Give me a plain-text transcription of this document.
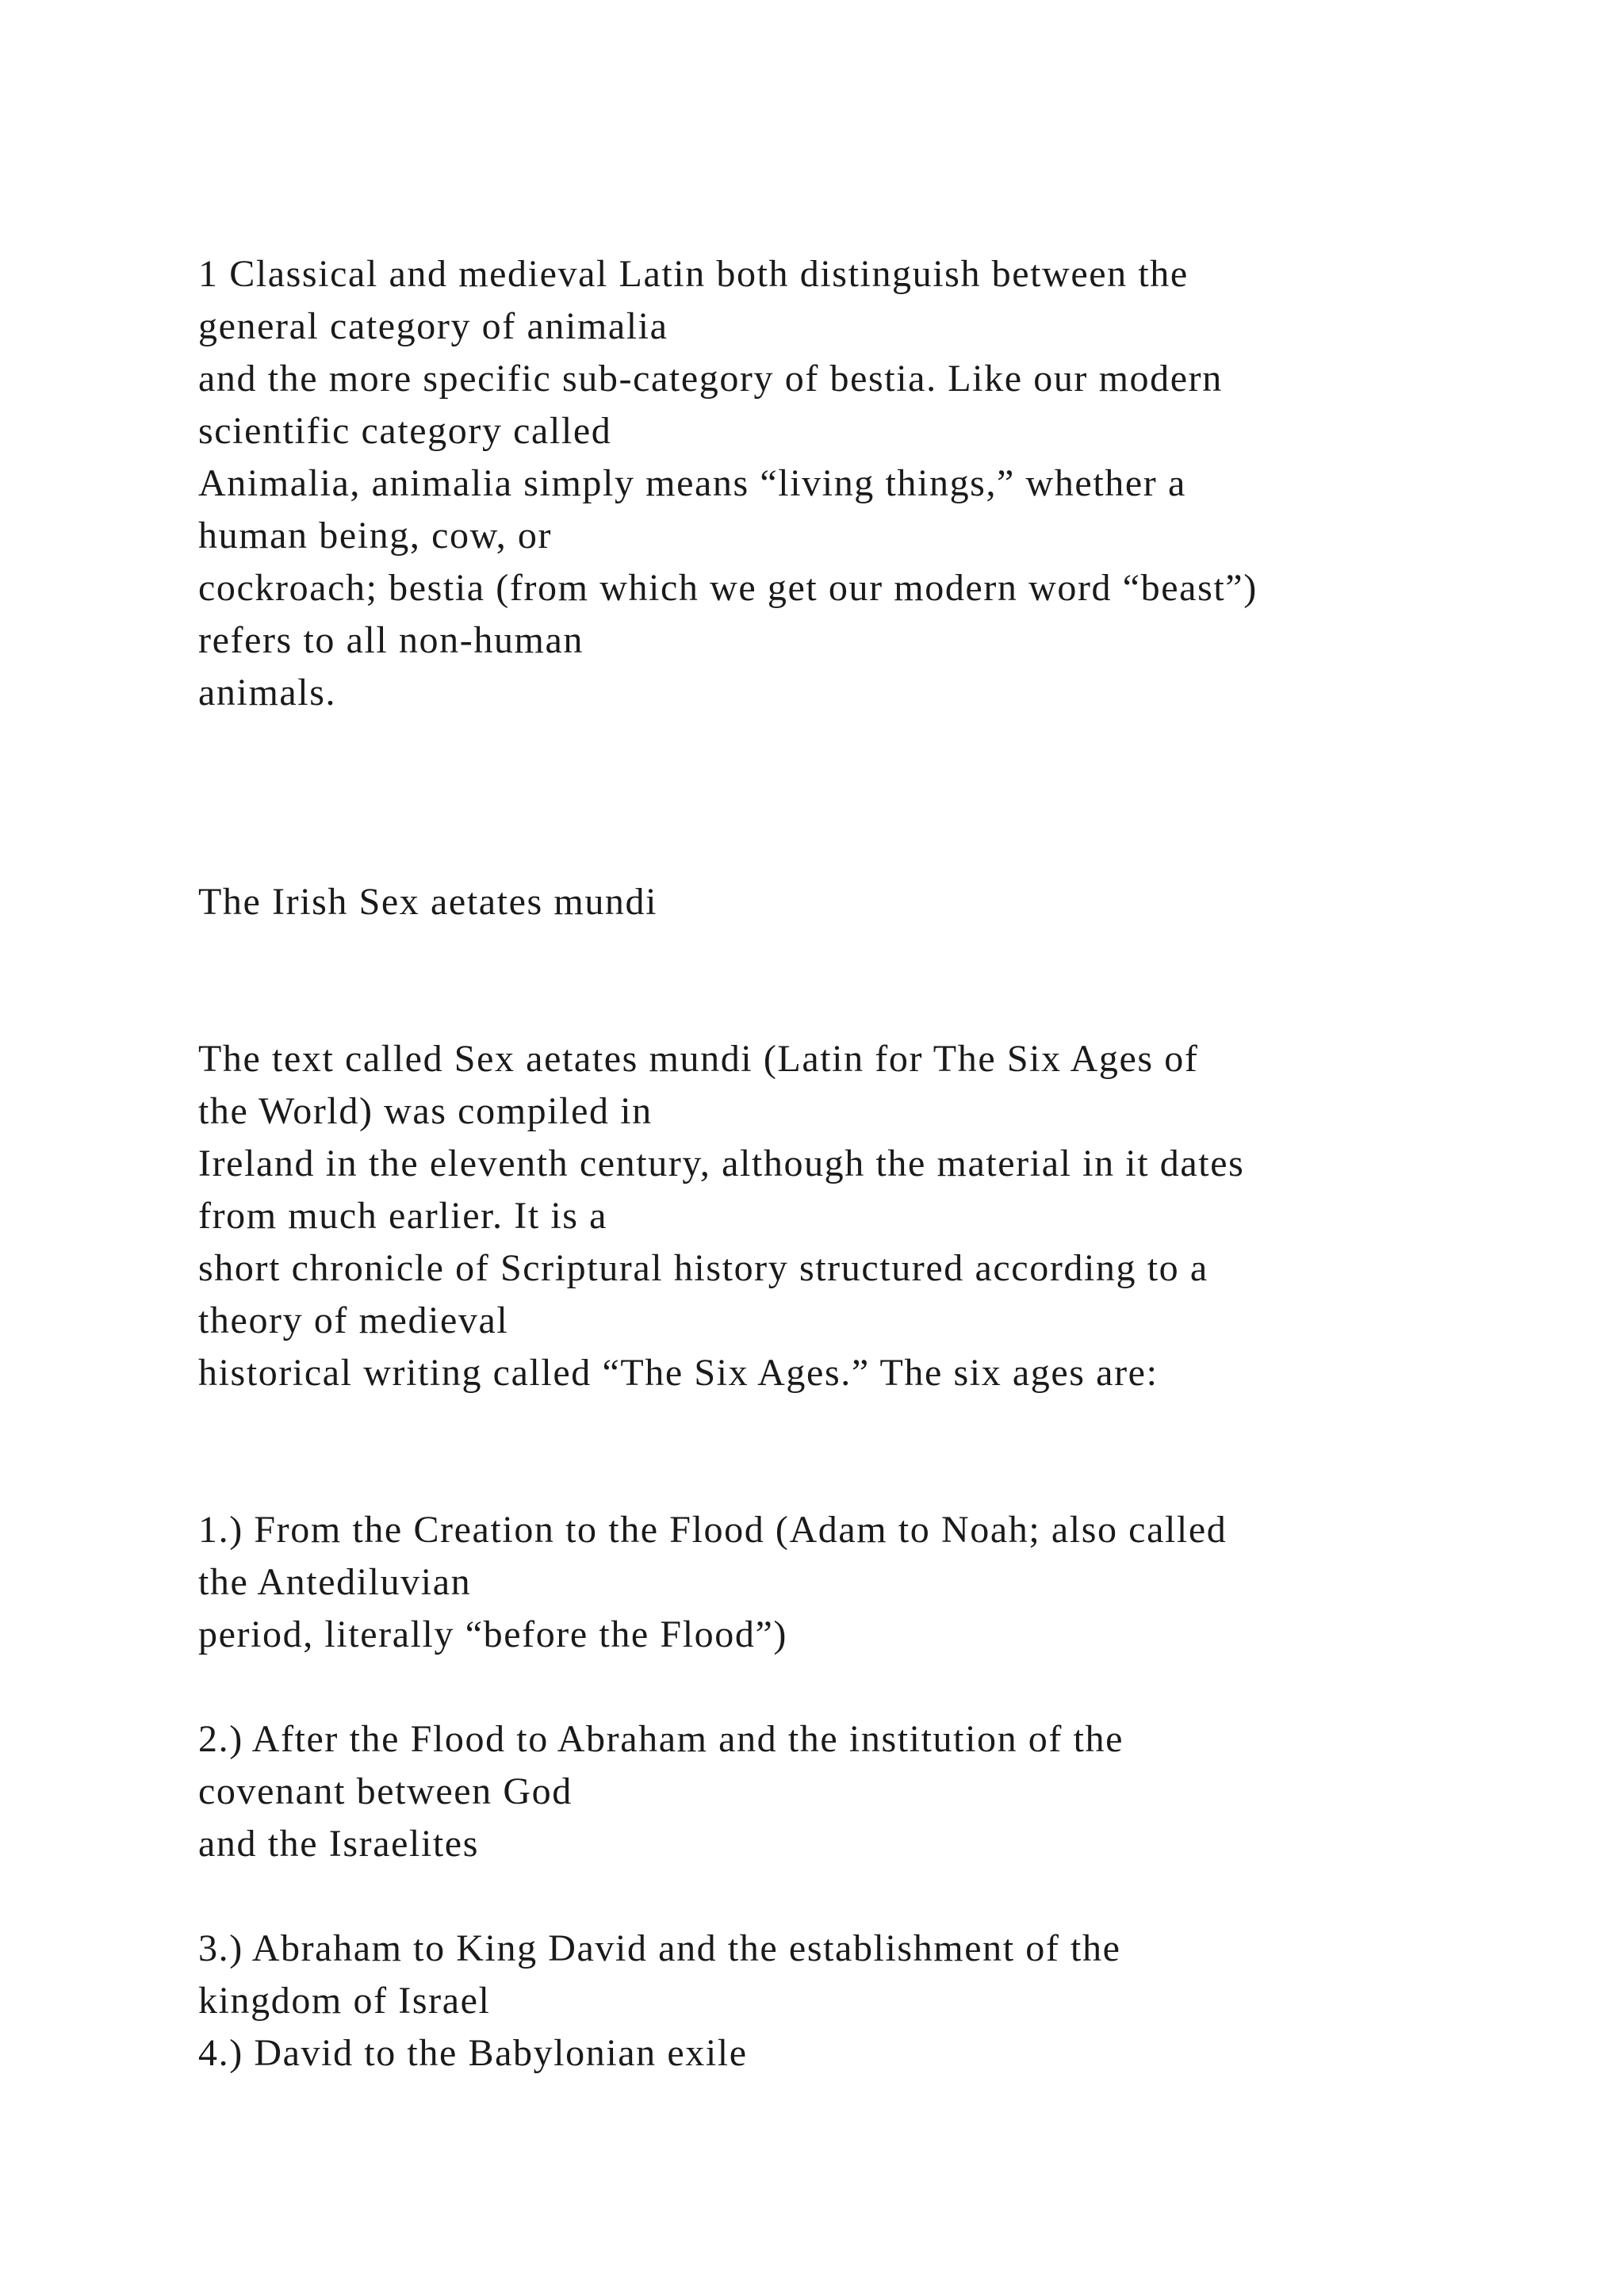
1 Classical and medieval Latin both distinguish between the
general category of animalia
and the more specific sub-category of bestia. Like our modern
scientific category called
Animalia, animalia simply means “living things,” whether a
human being, cow, or
cockroach; bestia (from which we get our modern word “beast”)
refers to all non-human
animals.
The Irish Sex aetates mundi
The text called Sex aetates mundi (Latin for The Six Ages of
the World) was compiled in
Ireland in the eleventh century, although the material in it dates
from much earlier. It is a
short chronicle of Scriptural history structured according to a
theory of medieval
historical writing called “The Six Ages.” The six ages are:
1.) From the Creation to the Flood (Adam to Noah; also called
the Antediluvian
period, literally “before the Flood”)
2.) After the Flood to Abraham and the institution of the
covenant between God
and the Israelites
3.) Abraham to King David and the establishment of the
kingdom of Israel
4.) David to the Babylonian exile
